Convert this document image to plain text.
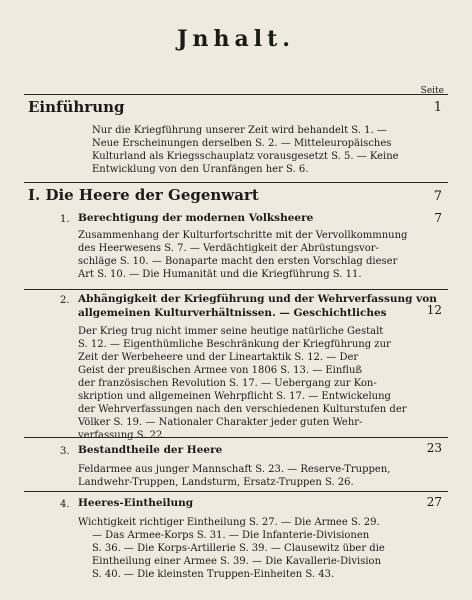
Jnhalt.
Seite
Einführung	1
Nur die Kriegführung unserer Zeit wird behandelt S. 1. —
Neue Erscheinungen derselben S. 2. — Mitteleuropäisches
Kulturland als Kriegsschauplatz vorausgesetzt S. 5. — Keine
Entwicklung von den Uranfängen her S. 6.
I. Die Heere der Gegenwart	7
1. Berechtigung der modernen Volksheere	7
Zusammenhang der Kulturfortschritte mit der Vervollkommnung
des Heerwesens S. 7. — Verdächtigkeit der Abrüstungsvor-
schläge S. 10. — Bonaparte macht den ersten Vorschlag dieser
Art S. 10. — Die Humanität und die Kriegführung S. 11.
2. Abhängigkeit der Kriegführung und der Wehrverfassung von
allgemeinen Kulturverhältnissen. — Geschichtliches	12
Der Krieg trug nicht immer seine heutige natürliche Gestalt
S. 12. — Eigenthümliche Beschränkung der Kriegführung zur
Zeit der Werbeheere und der Lineartaktik S. 12. — Der
Geist der preußischen Armee von 1806 S. 13. — Einfluß
der französischen Revolution S. 17. — Uebergang zur Kon-
skription und allgemeinen Wehrpflicht S. 17. — Entwickelung
der Wehrverfassungen nach den verschiedenen Kulturstufen der
Völker S. 19. — Nationaler Charakter jeder guten Wehr-
verfassung S. 22.
3. Bestandtheile der Heere	23
Feldarmee aus junger Mannschaft S. 23. — Reserve-Truppen,
Landwehr-Truppen, Landsturm, Ersatz-Truppen S. 26.
4. Heeres-Eintheilung	27
Wichtigkeit richtiger Eintheilung S. 27. — Die Armee S. 29.
— Das Armee-Korps S. 31. — Die Infanterie-Divisionen
S. 36. — Die Korps-Artillerie S. 39. — Clausewitz über die
Eintheilung einer Armee S. 39. — Die Kavallerie-Division
S. 40. — Die kleinsten Truppen-Einheiten S. 43.
